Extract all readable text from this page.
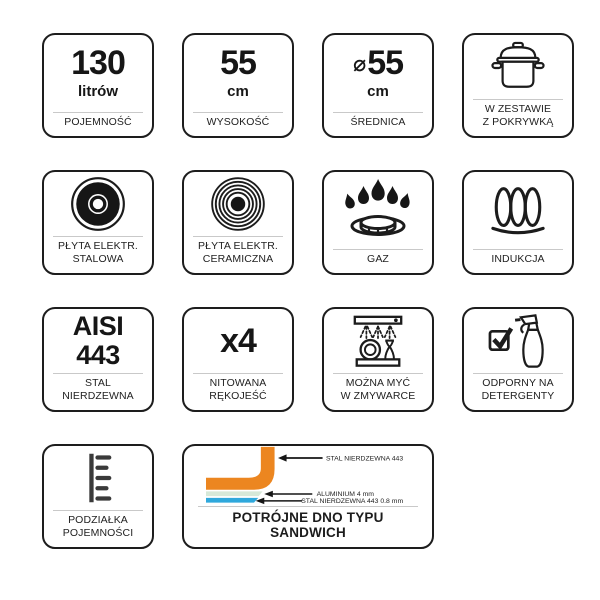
130
litrów
POJEMNOŚĆ
55
cm
WYSOKOŚĆ
⌀55
cm
ŚREDNICA
W ZESTAWIE
Z POKRYWKĄ
PŁYTA ELEKTR.
STALOWA
PŁYTA ELEKTR.
CERAMICZNA	GAZ	INDUKCJA
AISI
443
STAL
NIERDZEWNA
x4
NITOWANA
RĘKOJEŚĆ
MOŻNA MYĆ
W ZMYWARCE
ODPORNY NA
DETERGENTY
PODZIAŁKA
POJEMNOŚCI
STAL NIERDZEWNA 443
ALUMINIUM 4 mm
STAL NIERDZEWNA 443 0.8 mm
POTRÓJNE DNO TYPU SANDWICH
